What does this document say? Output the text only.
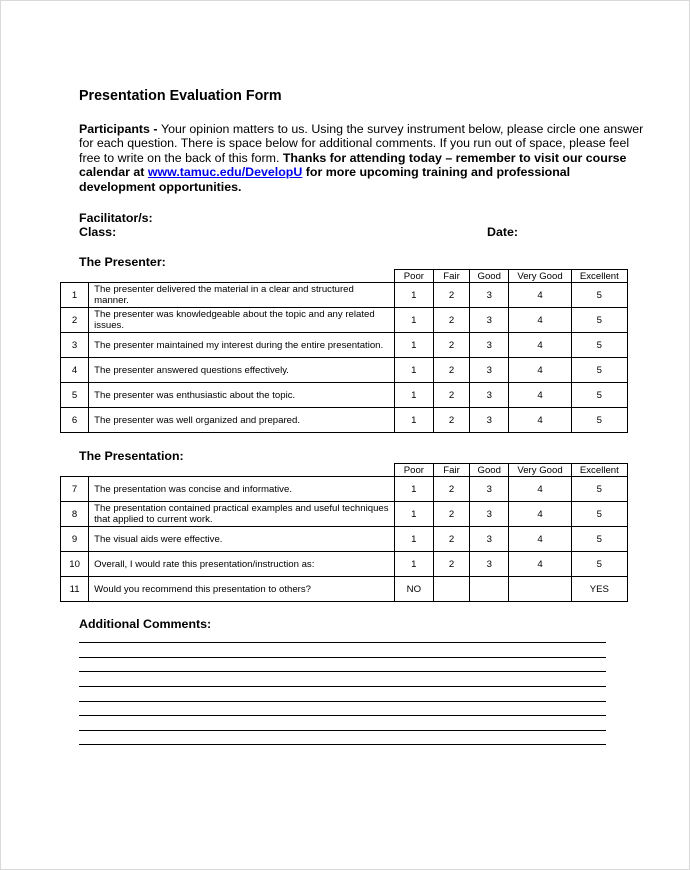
Presentation Evaluation Form
Participants - Your opinion matters to us. Using the survey instrument below, please circle one answer for each question. There is space below for additional comments. If you run out of space, please feel free to write on the back of this form. Thanks for attending today – remember to visit our course calendar at www.tamuc.edu/DevelopU for more upcoming training and professional development opportunities.
Facilitator/s:
Class:	Date:
The Presenter:
		Poor	Fair	Good	Very Good	Excellent
1	The presenter delivered the material in a clear and structured manner.	1	2	3	4	5
2	The presenter was knowledgeable about the topic and any related issues.	1	2	3	4	5
3	The presenter maintained my interest during the entire presentation.	1	2	3	4	5
4	The presenter answered questions effectively.	1	2	3	4	5
5	The presenter was enthusiastic about the topic.	1	2	3	4	5
6	The presenter was well organized and prepared.	1	2	3	4	5
The Presentation:
		Poor	Fair	Good	Very Good	Excellent
7	The presentation was concise and informative.	1	2	3	4	5
8	The presentation contained practical examples and useful techniques that applied to current work.	1	2	3	4	5
9	The visual aids were effective.	1	2	3	4	5
10	Overall, I would rate this presentation/instruction as:	1	2	3	4	5
11	Would you recommend this presentation to others?	NO				YES
Additional Comments:
